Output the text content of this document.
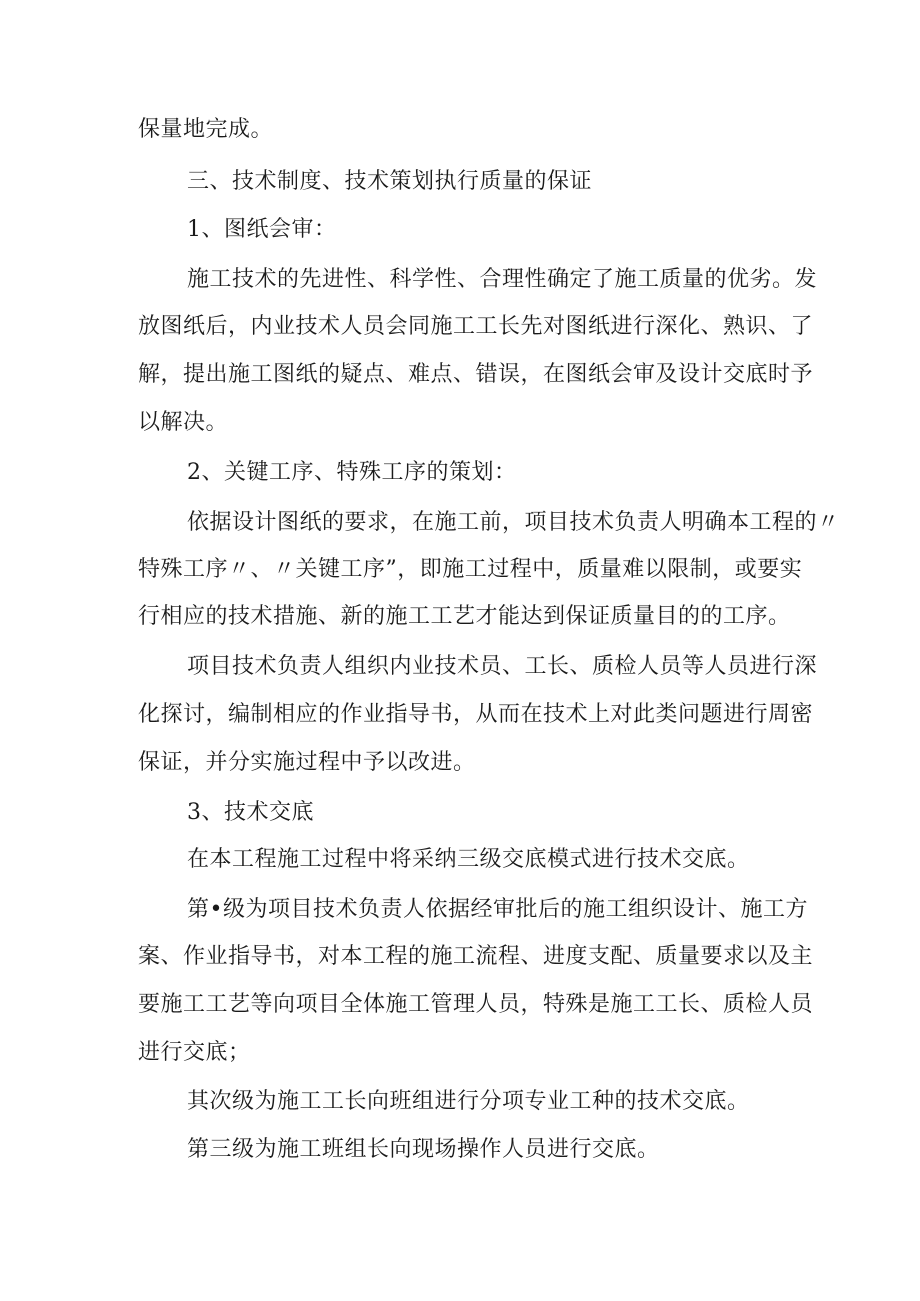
保量地完成。
三、技术制度、技术策划执行质量的保证
1、图纸会审：
施工技术的先进性、科学性、合理性确定了施工质量的优劣。发
放图纸后，内业技术人员会同施工工长先对图纸进行深化、熟识、了
解，提出施工图纸的疑点、难点、错误，在图纸会审及设计交底时予
以解决。
2、关键工序、特殊工序的策划：
依据设计图纸的要求，在施工前，项目技术负责人明确本工程的〃
特殊工序〃、〃关键工序”，即施工过程中，质量难以限制，或要实
行相应的技术措施、新的施工工艺才能达到保证质量目的的工序。
项目技术负责人组织内业技术员、工长、质检人员等人员进行深
化探讨，编制相应的作业指导书，从而在技术上对此类问题进行周密
保证，并分实施过程中予以改进。
3、技术交底
在本工程施工过程中将采纳三级交底模式进行技术交底。
第•级为项目技术负责人依据经审批后的施工组织设计、施工方
案、作业指导书，对本工程的施工流程、进度支配、质量要求以及主
要施工工艺等向项目全体施工管理人员，特殊是施工工长、质检人员
进行交底；
其次级为施工工长向班组进行分项专业工种的技术交底。
第三级为施工班组长向现场操作人员进行交底。
